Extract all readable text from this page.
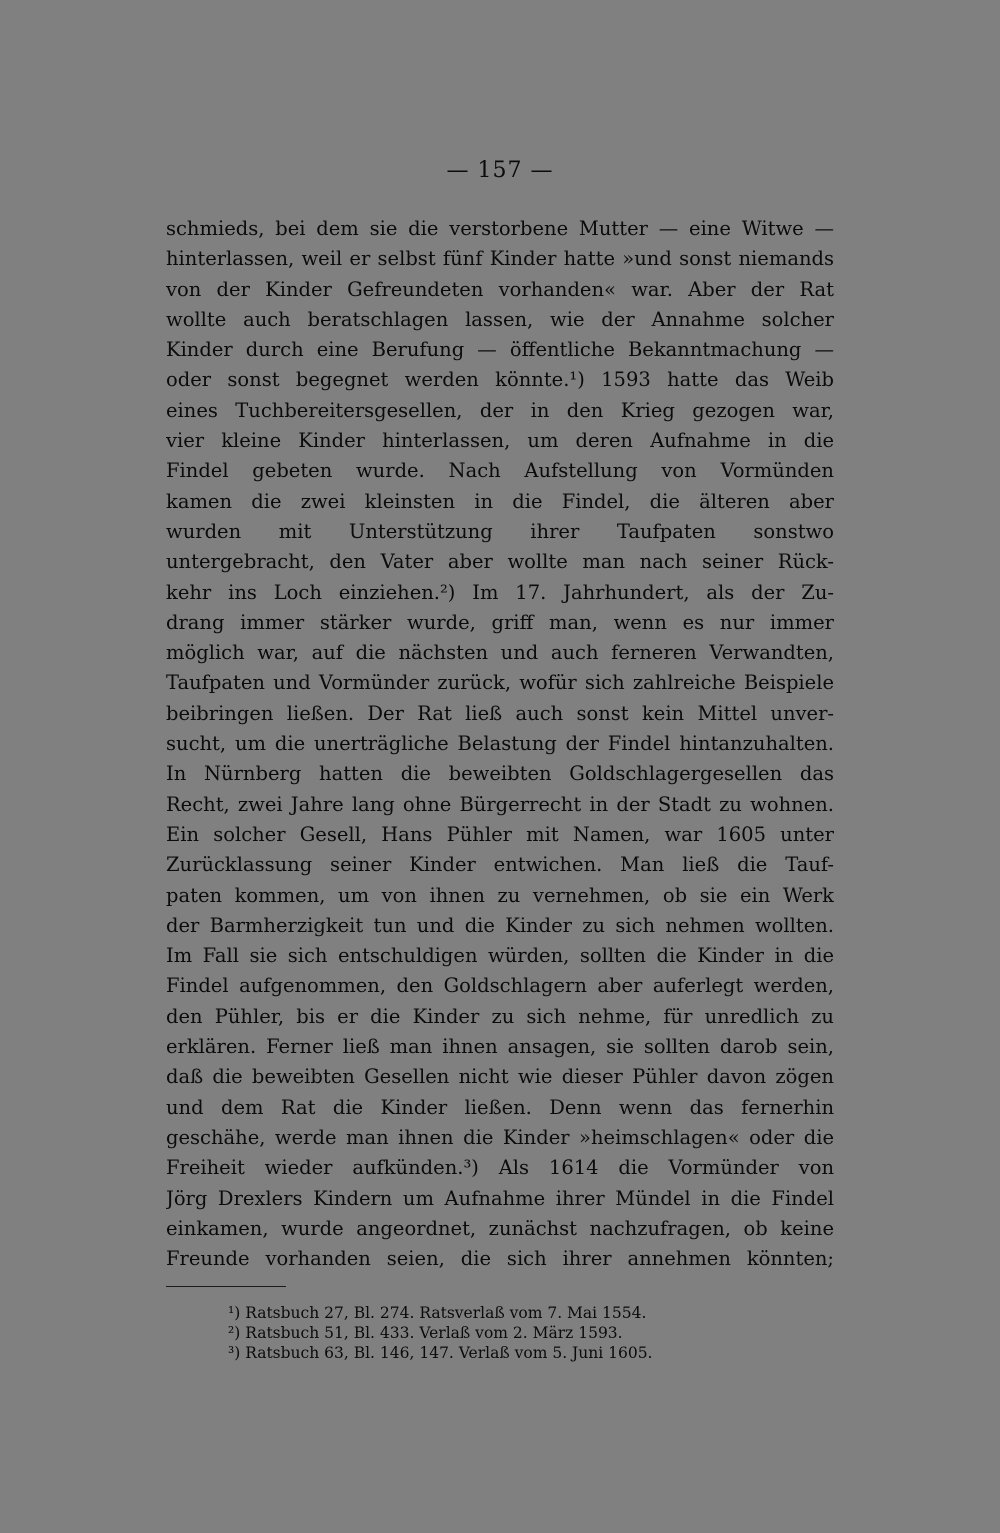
— 157 —
schmieds, bei dem sie die verstorbene Mutter — eine Witwe —
hinterlassen, weil er selbst fünf Kinder hatte »und sonst niemands
von der Kinder Gefreundeten vorhanden« war. Aber der Rat
wollte auch beratschlagen lassen, wie der Annahme solcher
Kinder durch eine Berufung — öffentliche Bekanntmachung —
oder sonst begegnet werden könnte.¹) 1593 hatte das Weib
eines Tuchbereitersgesellen, der in den Krieg gezogen war,
vier kleine Kinder hinterlassen, um deren Aufnahme in die
Findel gebeten wurde. Nach Aufstellung von Vormünden
kamen die zwei kleinsten in die Findel, die älteren aber
wurden mit Unterstützung ihrer Taufpaten sonstwo
untergebracht, den Vater aber wollte man nach seiner Rück-
kehr ins Loch einziehen.²) Im 17. Jahrhundert, als der Zu-
drang immer stärker wurde, griff man, wenn es nur immer
möglich war, auf die nächsten und auch ferneren Verwandten,
Taufpaten und Vormünder zurück, wofür sich zahlreiche Beispiele
beibringen ließen. Der Rat ließ auch sonst kein Mittel unver-
sucht, um die unerträgliche Belastung der Findel hintanzuhalten.
In Nürnberg hatten die beweibten Goldschlagergesellen das
Recht, zwei Jahre lang ohne Bürgerrecht in der Stadt zu wohnen.
Ein solcher Gesell, Hans Pühler mit Namen, war 1605 unter
Zurücklassung seiner Kinder entwichen. Man ließ die Tauf-
paten kommen, um von ihnen zu vernehmen, ob sie ein Werk
der Barmherzigkeit tun und die Kinder zu sich nehmen wollten.
Im Fall sie sich entschuldigen würden, sollten die Kinder in die
Findel aufgenommen, den Goldschlagern aber auferlegt werden,
den Pühler, bis er die Kinder zu sich nehme, für unredlich zu
erklären. Ferner ließ man ihnen ansagen, sie sollten darob sein,
daß die beweibten Gesellen nicht wie dieser Pühler davon zögen
und dem Rat die Kinder ließen. Denn wenn das fernerhin
geschähe, werde man ihnen die Kinder »heimschlagen« oder die
Freiheit wieder aufkünden.³) Als 1614 die Vormünder von
Jörg Drexlers Kindern um Aufnahme ihrer Mündel in die Findel
einkamen, wurde angeordnet, zunächst nachzufragen, ob keine
Freunde vorhanden seien, die sich ihrer annehmen könnten;
¹) Ratsbuch 27, Bl. 274. Ratsverlaß vom 7. Mai 1554.
²) Ratsbuch 51, Bl. 433. Verlaß vom 2. März 1593.
³) Ratsbuch 63, Bl. 146, 147. Verlaß vom 5. Juni 1605.
